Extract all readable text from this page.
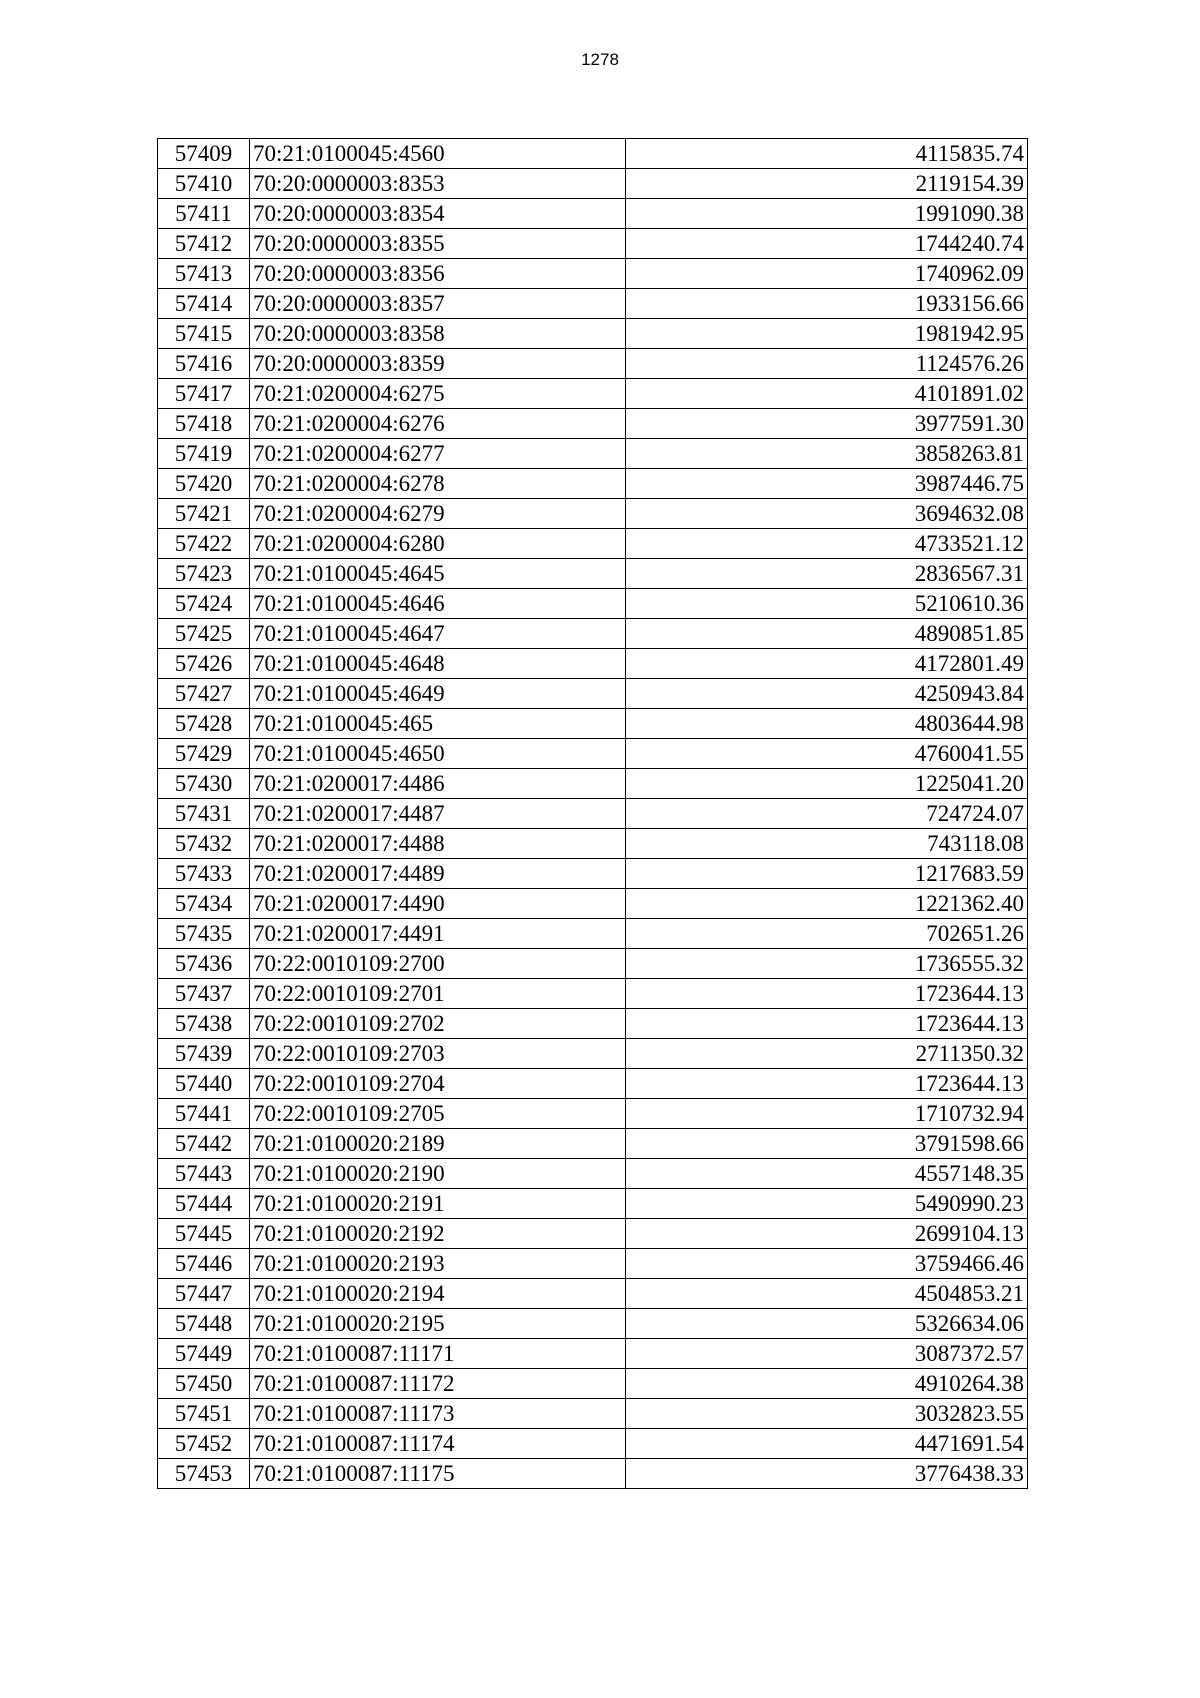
1278
57409	70:21:0100045:4560	4115835.74
57410	70:20:0000003:8353	2119154.39
57411	70:20:0000003:8354	1991090.38
57412	70:20:0000003:8355	1744240.74
57413	70:20:0000003:8356	1740962.09
57414	70:20:0000003:8357	1933156.66
57415	70:20:0000003:8358	1981942.95
57416	70:20:0000003:8359	1124576.26
57417	70:21:0200004:6275	4101891.02
57418	70:21:0200004:6276	3977591.30
57419	70:21:0200004:6277	3858263.81
57420	70:21:0200004:6278	3987446.75
57421	70:21:0200004:6279	3694632.08
57422	70:21:0200004:6280	4733521.12
57423	70:21:0100045:4645	2836567.31
57424	70:21:0100045:4646	5210610.36
57425	70:21:0100045:4647	4890851.85
57426	70:21:0100045:4648	4172801.49
57427	70:21:0100045:4649	4250943.84
57428	70:21:0100045:465	4803644.98
57429	70:21:0100045:4650	4760041.55
57430	70:21:0200017:4486	1225041.20
57431	70:21:0200017:4487	724724.07
57432	70:21:0200017:4488	743118.08
57433	70:21:0200017:4489	1217683.59
57434	70:21:0200017:4490	1221362.40
57435	70:21:0200017:4491	702651.26
57436	70:22:0010109:2700	1736555.32
57437	70:22:0010109:2701	1723644.13
57438	70:22:0010109:2702	1723644.13
57439	70:22:0010109:2703	2711350.32
57440	70:22:0010109:2704	1723644.13
57441	70:22:0010109:2705	1710732.94
57442	70:21:0100020:2189	3791598.66
57443	70:21:0100020:2190	4557148.35
57444	70:21:0100020:2191	5490990.23
57445	70:21:0100020:2192	2699104.13
57446	70:21:0100020:2193	3759466.46
57447	70:21:0100020:2194	4504853.21
57448	70:21:0100020:2195	5326634.06
57449	70:21:0100087:11171	3087372.57
57450	70:21:0100087:11172	4910264.38
57451	70:21:0100087:11173	3032823.55
57452	70:21:0100087:11174	4471691.54
57453	70:21:0100087:11175	3776438.33
